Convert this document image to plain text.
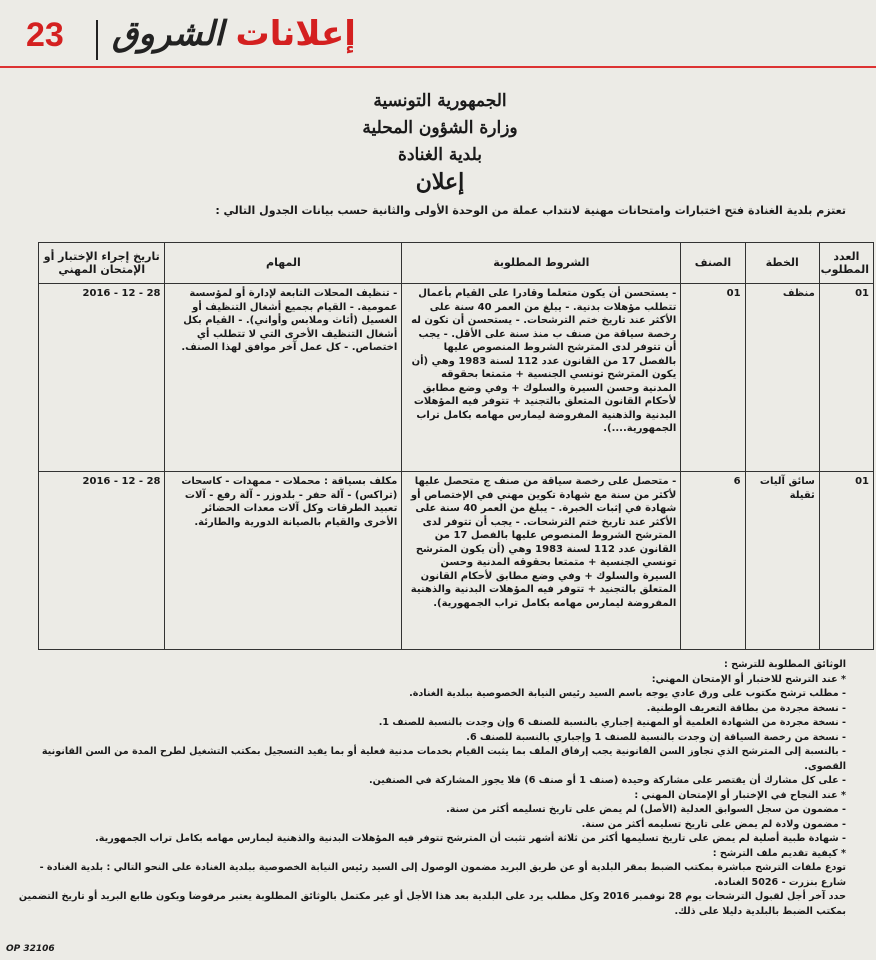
23	إعلانات الشروق
الجمهورية التونسية
وزارة الشؤون المحلية
بلدية الغنادة
إعلان
تعتزم بلدية الغنادة فتح اختبارات وامتحانات مهنية لانتداب عملة من الوحدة الأولى والثانية حسب بيانات الجدول التالي :
العدد المطلوب	الخطة	الصنف	الشروط المطلوبة	المهام	تاريخ إجراء الإختبار أو الإمتحان المهني
01	منظف	01	- يستحسن أن يكون متعلما وقادرا على القيام بأعمال تتطلب مؤهلات بدنية. - يبلغ من العمر 40 سنة على الأكثر عند تاريخ ختم الترشحات. - يستحسن أن تكون له رخصة سياقة من صنف ب منذ سنة على الأقل. - يجب أن تتوفر لدى المترشح الشروط المنصوص عليها بالفصل 17 من القانون عدد 112 لسنة 1983 وهي (أن يكون المترشح تونسي الجنسية + متمتعا بحقوقه المدنية وحسن السيرة والسلوك + وفي وضع مطابق لأحكام القانون المتعلق بالتجنيد + تتوفر فيه المؤهلات البدنية والذهنية المفروضة ليمارس مهامه بكامل تراب الجمهورية....).	- تنظيف المحلات التابعة لإدارة أو لمؤسسة عمومية. - القيام بجميع أشغال التنظيف أو الغسيل (أثاث وملابس وأواني). - القيام بكل أشغال التنظيف الأخرى التي لا تتطلب أي اختصاص. - كل عمل آخر موافق لهذا الصنف.	28 - 12 - 2016
01	سائق آليات ثقيلة	6	- متحصل على رخصة سياقة من صنف ج متحصل عليها لأكثر من سنة مع شهادة تكوين مهني في الإختصاص أو شهادة في إثبات الخبرة. - يبلغ من العمر 40 سنة على الأكثر عند تاريخ ختم الترشحات. - يجب أن تتوفر لدى المترشح الشروط المنصوص عليها بالفصل 17 من القانون عدد 112 لسنة 1983 وهي (أن يكون المترشح تونسي الجنسية + متمتعا بحقوقه المدنية وحسن السيرة والسلوك + وفي وضع مطابق لأحكام القانون المتعلق بالتجنيد + تتوفر فيه المؤهلات البدنية والذهنية المفروضة ليمارس مهامه بكامل تراب الجمهورية).	مكلف بسياقة : محملات - ممهدات - كاسحات (تراكس) - آلة حفر - بلدوزر - آلة رفع - آلات تعبيد الطرقات وكل آلات معدات الحضائر الأخرى والقيام بالصيانة الدورية والطارئة.	28 - 12 - 2016
الوثائق المطلوبة للترشح :
* عند الترشح للاختبار أو الإمتحان المهني:
- مطلب ترشح مكتوب على ورق عادي يوجه باسم السيد رئيس النيابة الخصوصية ببلدية الغنادة.
- نسخة مجردة من بطاقة التعريف الوطنية.
- نسخة مجردة من الشهادة العلمية أو المهنية إجباري بالنسبة للصنف 6 وإن وجدت بالنسبة للصنف 1.
- نسخة من رخصة السياقة إن وجدت بالنسبة للصنف 1 وإجباري بالنسبة للصنف 6.
- بالنسبة إلى المترشح الذي تجاوز السن القانونية يجب إرفاق الملف بما يثبت القيام بخدمات مدنية فعلية أو بما يفيد التسجيل بمكتب التشغيل لطرح المدة من السن القانونية القصوى.
- على كل مشارك أن يقتصر على مشاركة وحيدة (صنف 1 أو صنف 6) فلا يجوز المشاركة في الصنفين.
* عند النجاح في الإختبار أو الإمتحان المهني :
- مضمون من سجل السوابق العدلية (الأصل) لم يمض على تاريخ تسليمه أكثر من سنة.
- مضمون ولادة لم يمض على تاريخ تسليمه أكثر من سنة.
- شهادة طبية أصلية لم يمض على تاريخ تسليمها أكثر من ثلاثة أشهر تثبت أن المترشح تتوفر فيه المؤهلات البدنية والذهنية ليمارس مهامه بكامل تراب الجمهورية.
* كيفية تقديم ملف الترشح :
تودع ملفات الترشح مباشرة بمكتب الضبط بمقر البلدية أو عن طريق البريد مضمون الوصول إلى السيد رئيس النيابة الخصوصية ببلدية الغنادة على النحو التالي : بلدية الغنادة - شارع بنزرت - 5026 الغنادة.
حدد آخر أجل لقبول الترشحات يوم 28 نوفمبر 2016 وكل مطلب يرد على البلدية بعد هذا الأجل أو غير مكتمل بالوثائق المطلوبة يعتبر مرفوضا ويكون طابع البريد أو تاريخ التضمين بمكتب الضبط بالبلدية دليلا على ذلك.
OP 32106
